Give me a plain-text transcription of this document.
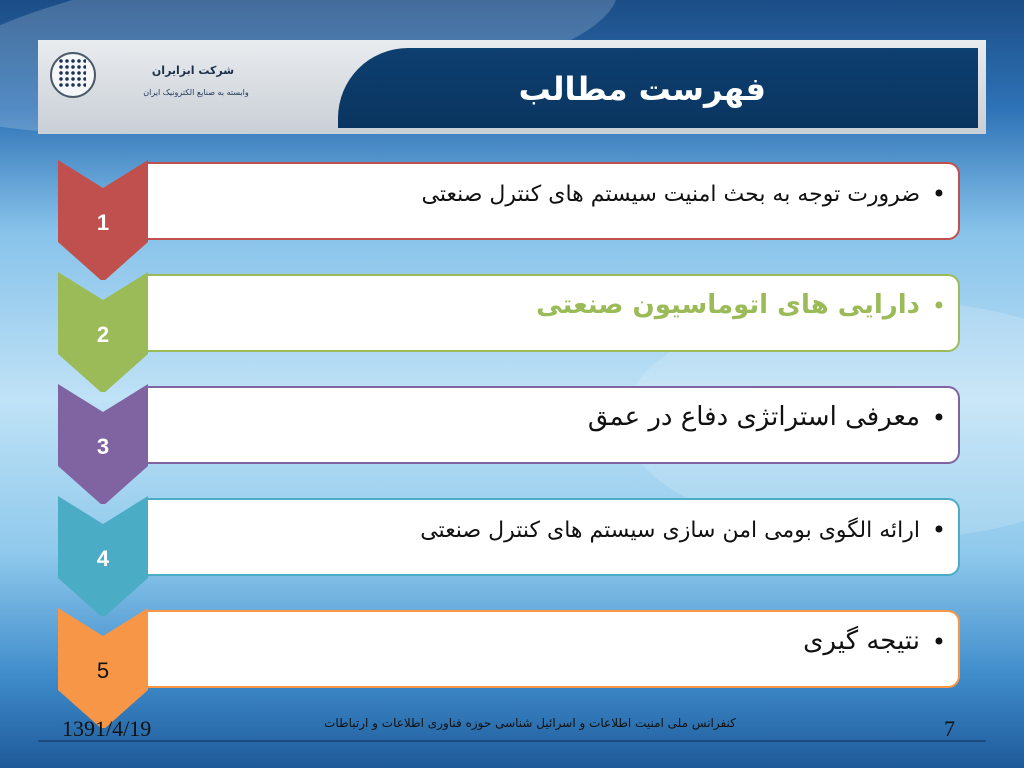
شرکت ابزایران
وابسته به صنایع الکترونیک ایران	فهرست مطالب
1
•
ضرورت توجه به بحث امنیت سیستم های کنترل صنعتی
2
•
دارایی های اتوماسیون صنعتی
3
•
معرفی استراتژی دفاع در عمق
4
•
ارائه الگوی بومی امن سازی سیستم های کنترل صنعتی
5
•
نتیجه گیری
1391/4/19	کنفرانس ملی امنیت اطلاعات و اسرائیل شناسی حوزه فناوری اطلاعات و ارتباطات	7
